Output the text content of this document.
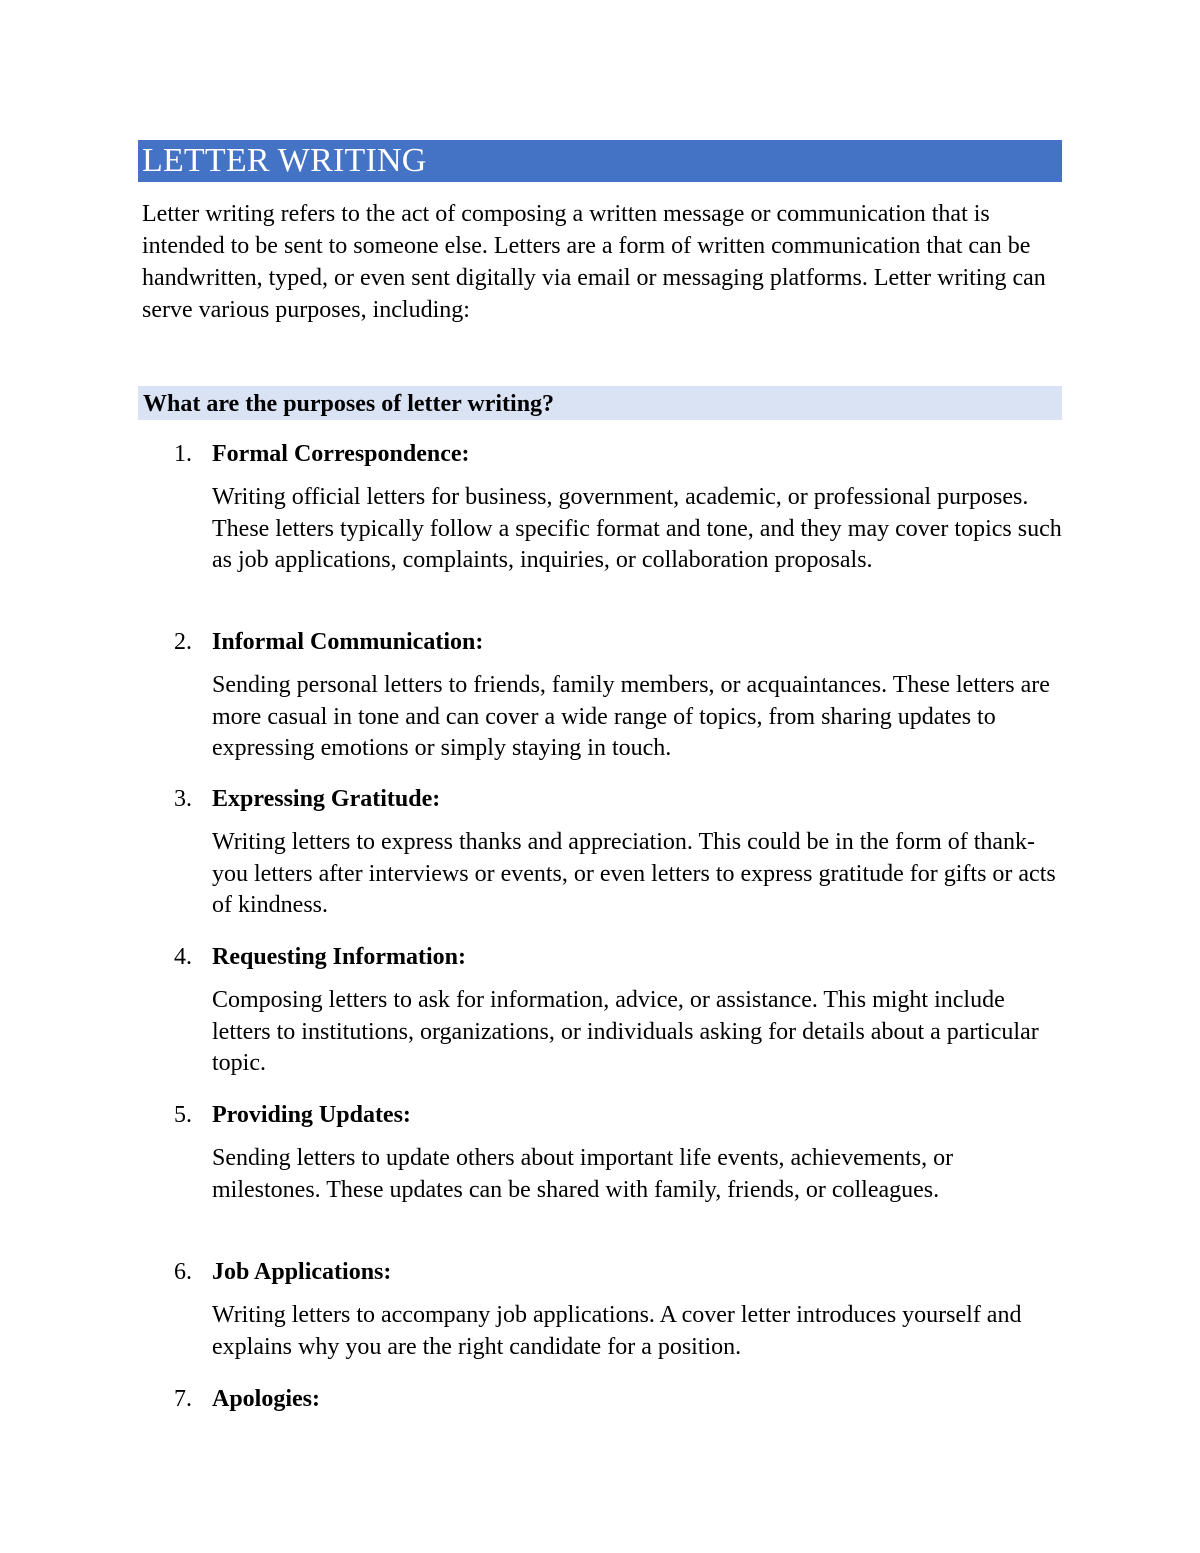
LETTER WRITING

Letter writing refers to the act of composing a written message or communication that is intended to be sent to someone else. Letters are a form of written communication that can be handwritten, typed, or even sent digitally via email or messaging platforms. Letter writing can serve various purposes, including:

What are the purposes of letter writing?
1. Formal Correspondence:

Writing official letters for business, government, academic, or professional purposes. These letters typically follow a specific format and tone, and they may cover topics such as job applications, complaints, inquiries, or collaboration proposals.

2. Informal Communication:

Sending personal letters to friends, family members, or acquaintances. These letters are more casual in tone and can cover a wide range of topics, from sharing updates to expressing emotions or simply staying in touch.

3. Expressing Gratitude:

Writing letters to express thanks and appreciation. This could be in the form of thank-you letters after interviews or events, or even letters to express gratitude for gifts or acts of kindness.

4. Requesting Information:

Composing letters to ask for information, advice, or assistance. This might include letters to institutions, organizations, or individuals asking for details about a particular topic.

5. Providing Updates:

Sending letters to update others about important life events, achievements, or milestones. These updates can be shared with family, friends, or colleagues.

6. Job Applications:

Writing letters to accompany job applications. A cover letter introduces yourself and explains why you are the right candidate for a position.

7. Apologies:
